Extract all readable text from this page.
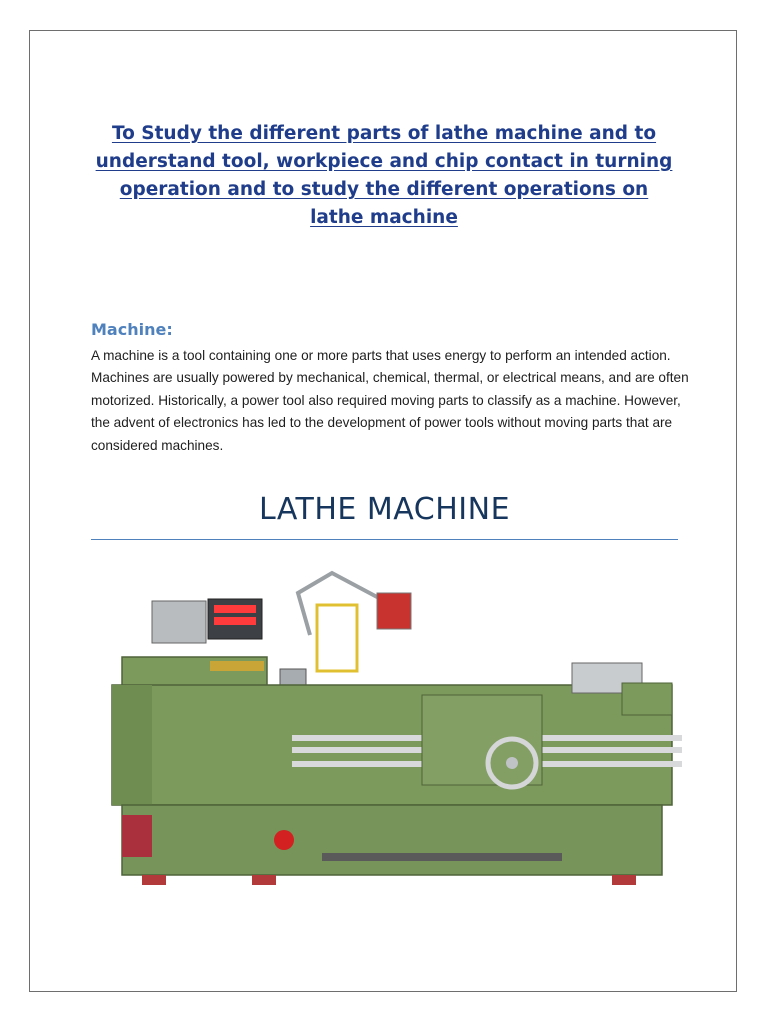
To Study the different parts of lathe machine and to understand tool, workpiece and chip contact in turning operation and to study the different operations on lathe machine
Machine:

A machine is a tool containing one or more parts that uses energy to perform an intended action. Machines are usually powered by mechanical, chemical, thermal, or electrical means, and are often motorized. Historically, a power tool also required moving parts to classify as a machine. However, the advent of electronics has led to the development of power tools without moving parts that are considered machines.

LATHE MACHINE
